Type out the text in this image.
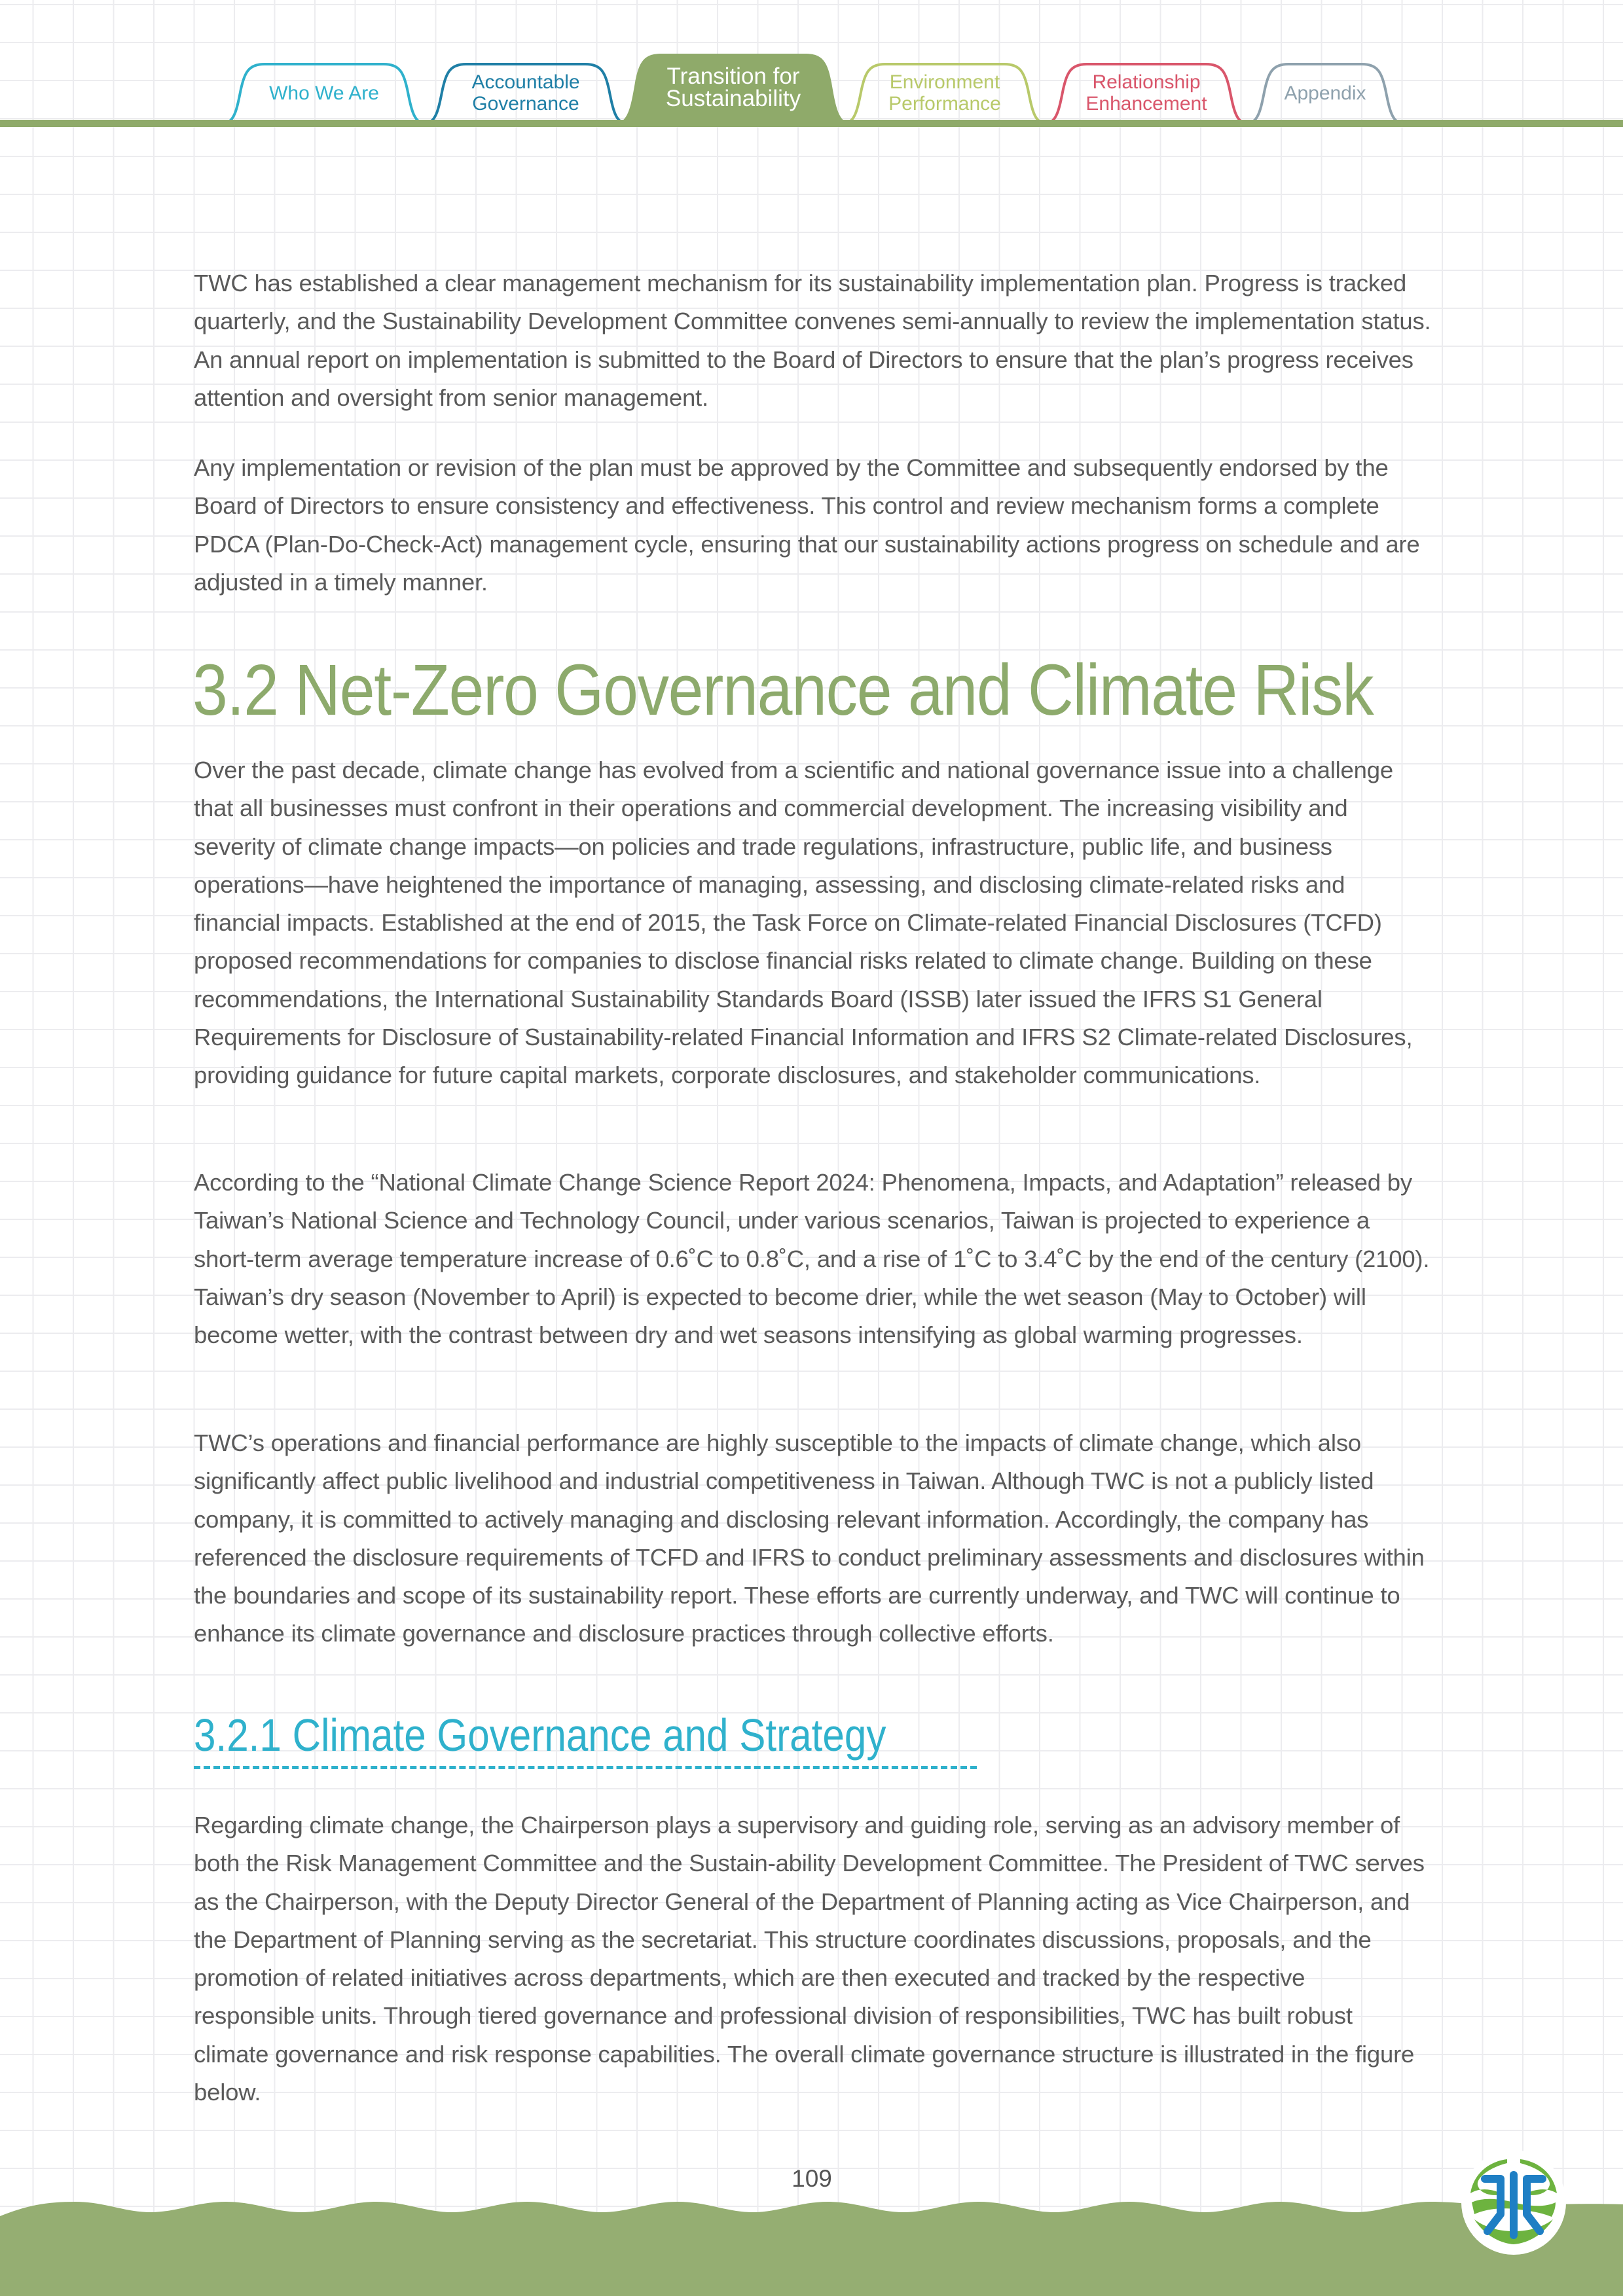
Who We Are	Accountable
Governance
Transition for
Sustainability
Environment
Performance
Relationship
Enhancement	Appendix

TWC has established a clear management mechanism for its sustainability implementation plan. Progress is tracked quarterly, and the Sustainability Development Committee convenes semi-annually to review the implementation status. An annual report on implementation is submitted to the Board of Directors to ensure that the plan’s progress receives attention and oversight from senior management.

Any implementation or revision of the plan must be approved by the Committee and subsequently endorsed by the Board of Directors to ensure consistency and effectiveness. This control and review mechanism forms a complete PDCA (Plan-Do-Check-Act) management cycle, ensuring that our sustainability actions progress on schedule and are adjusted in a timely manner.

3.2 Net-Zero Governance and Climate Risk

Over the past decade, climate change has evolved from a scientific and national governance issue into a challenge that all businesses must confront in their operations and commercial development. The increasing visibility and severity of climate change impacts—on policies and trade regulations, infrastructure, public life, and business operations—have heightened the importance of managing, assessing, and disclosing climate-related risks and financial impacts. Established at the end of 2015, the Task Force on Climate-related Financial Disclosures (TCFD) proposed recommendations for companies to disclose financial risks related to climate change. Building on these recommendations, the International Sustainability Standards Board (ISSB) later issued the IFRS S1 General Requirements for Disclosure of Sustainability-related Financial Information and IFRS S2 Climate-related Disclosures, providing guidance for future capital markets, corporate disclosures, and stakeholder communications.

According to the “National Climate Change Science Report 2024: Phenomena, Impacts, and Adaptation” released by Taiwan’s National Science and Technology Council, under various scenarios, Taiwan is projected to experience a short-term average temperature increase of 0.6˚C to 0.8˚C, and a rise of 1˚C to 3.4˚C by the end of the century (2100). Taiwan’s dry season (November to April) is expected to become drier, while the wet season (May to October) will become wetter, with the contrast between dry and wet seasons intensifying as global warming progresses.

TWC’s operations and financial performance are highly susceptible to the impacts of climate change, which also significantly affect public livelihood and industrial competitiveness in Taiwan. Although TWC is not a publicly listed company, it is committed to actively managing and disclosing relevant information. Accordingly, the company has referenced the disclosure requirements of TCFD and IFRS to conduct preliminary assessments and disclosures within the boundaries and scope of its sustainability report. These efforts are currently underway, and TWC will continue to enhance its climate governance and disclosure practices through collective efforts.

3.2.1 Climate Governance and Strategy

Regarding climate change, the Chairperson plays a supervisory and guiding role, serving as an advisory member of both the Risk Management Committee and the Sustain-ability Development Committee. The President of TWC serves as the Chairperson, with the Deputy Director General of the Department of Planning acting as Vice Chairperson, and the Department of Planning serving as the secretariat. This structure coordinates discussions, proposals, and the promotion of related initiatives across departments, which are then executed and tracked by the respective responsible units. Through tiered governance and professional division of responsibilities, TWC has built robust climate governance and risk response capabilities. The overall climate governance structure is illustrated in the figure below.

109
